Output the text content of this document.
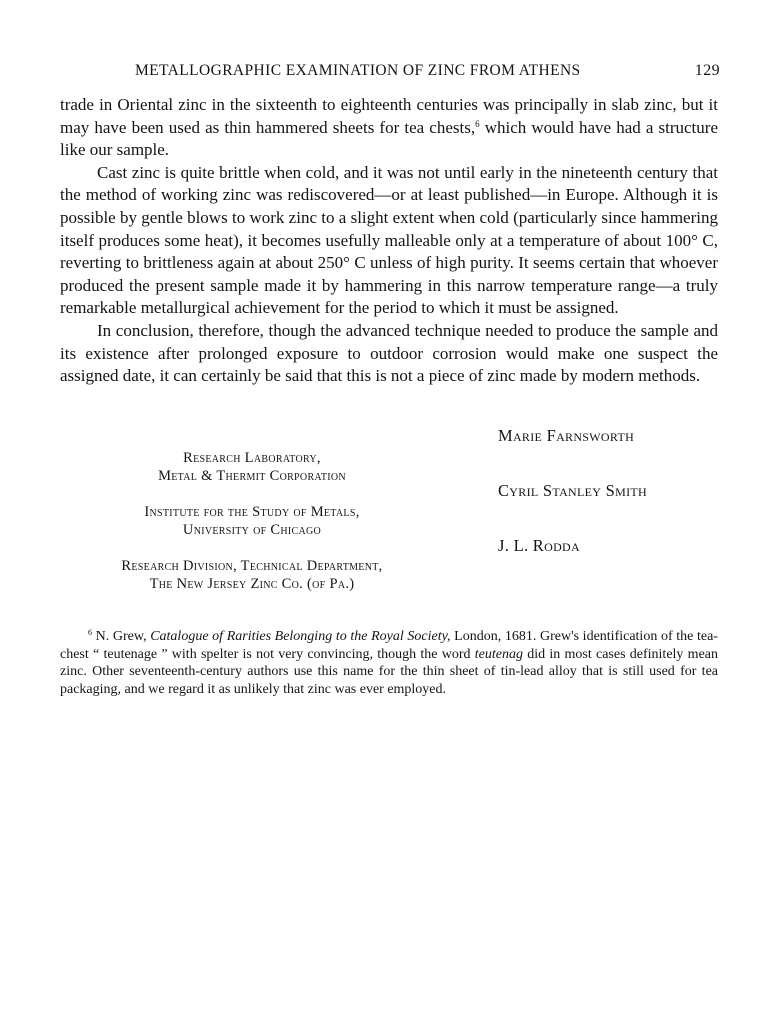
METALLOGRAPHIC EXAMINATION OF ZINC FROM ATHENS	129

trade in Oriental zinc in the sixteenth to eighteenth centuries was principally in slab zinc, but it may have been used as thin hammered sheets for tea chests,$^6$ which would have had a structure like our sample.

Cast zinc is quite brittle when cold, and it was not until early in the nineteenth century that the method of working zinc was rediscovered—or at least published—in Europe. Although it is possible by gentle blows to work zinc to a slight extent when cold (particularly since hammering itself produces some heat), it becomes usefully malleable only at a temperature of about 100° C, reverting to brittleness again at about 250° C unless of high purity. It seems certain that whoever produced the present sample made it by hammering in this narrow temperature range—a truly remarkable metallurgical achievement for the period to which it must be assigned.

In conclusion, therefore, though the advanced technique needed to produce the sample and its existence after prolonged exposure to outdoor corrosion would make one suspect the assigned date, it can certainly be said that this is not a piece of zinc made by modern methods.

Research Laboratory,
Metal & Thermit Corporation
Institute for the Study of Metals,
University of Chicago
Research Division, Technical Department,
The New Jersey Zinc Co. (of Pa.)
Marie Farnsworth
Cyril Stanley Smith
J. L. Rodda

$^6$ N. Grew, Catalogue of Rarities Belonging to the Royal Society, London, 1681. Grew's identification of the tea-chest “ teutenage ” with spelter is not very convincing, though the word teutenag did in most cases definitely mean zinc. Other seventeenth-century authors use this name for the thin sheet of tin-lead alloy that is still used for tea packaging, and we regard it as unlikely that zinc was ever employed.
